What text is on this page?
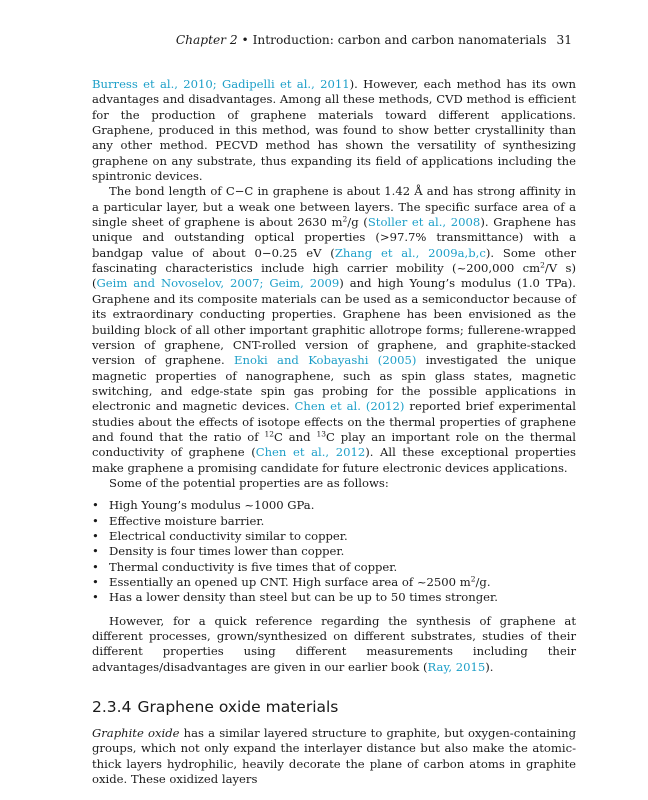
Chapter 2 • Introduction: carbon and carbon nanomaterials 31

Burress et al., 2010; Gadipelli et al., 2011). However, each method has its own advantages and disadvantages. Among all these methods, CVD method is efficient for the production of graphene materials toward different applications. Graphene, produced in this method, was found to show better crystallinity than any other method. PECVD method has shown the versatility of synthesizing graphene on any substrate, thus expanding its field of applications including the spintronic devices.

The bond length of C−C in graphene is about 1.42 Å and has strong affinity in a particular layer, but a weak one between layers. The specific surface area of a single sheet of graphene is about 2630 $m^2/g$ (Stoller et al., 2008). Graphene has unique and outstanding optical properties (>97.7% transmittance) with a bandgap value of about 0−0.25 eV (Zhang et al., 2009a,b,c). Some other fascinating characteristics include high carrier mobility (~200,000 $cm^2/V$ s) (Geim and Novoselov, 2007; Geim, 2009) and high Young’s modulus (1.0 TPa). Graphene and its composite materials can be used as a semiconductor because of its extraordinary conducting properties. Graphene has been envisioned as the building block of all other important graphitic allotrope forms; fullerene-wrapped version of graphene, CNT-rolled version of graphene, and graphite-stacked version of graphene. Enoki and Kobayashi (2005) investigated the unique magnetic properties of nanographene, such as spin glass states, magnetic switching, and edge-state spin gas probing for the possible applications in electronic and magnetic devices. Chen et al. (2012) reported brief experimental studies about the effects of isotope effects on the thermal properties of graphene and found that the ratio of $^{12}$C and $^{13}$C play an important role on the thermal conductivity of graphene (Chen et al., 2012). All these exceptional properties make graphene a promising candidate for future electronic devices applications.

Some of the potential properties are as follows:

• High Young’s modulus ~1000 GPa.
• Effective moisture barrier.
• Electrical conductivity similar to copper.
• Density is four times lower than copper.
• Thermal conductivity is five times that of copper.
• Essentially an opened up CNT. High surface area of ~2500 $m^2/g$.
• Has a lower density than steel but can be up to 50 times stronger.

However, for a quick reference regarding the synthesis of graphene at different processes, grown/synthesized on different substrates, studies of their different properties using different measurements including their advantages/disadvantages are given in our earlier book (Ray, 2015).

2.3.4 Graphene oxide materials

Graphite oxide has a similar layered structure to graphite, but oxygen-containing groups, which not only expand the interlayer distance but also make the atomic-thick layers hydrophilic, heavily decorate the plane of carbon atoms in graphite oxide. These oxidized layers
